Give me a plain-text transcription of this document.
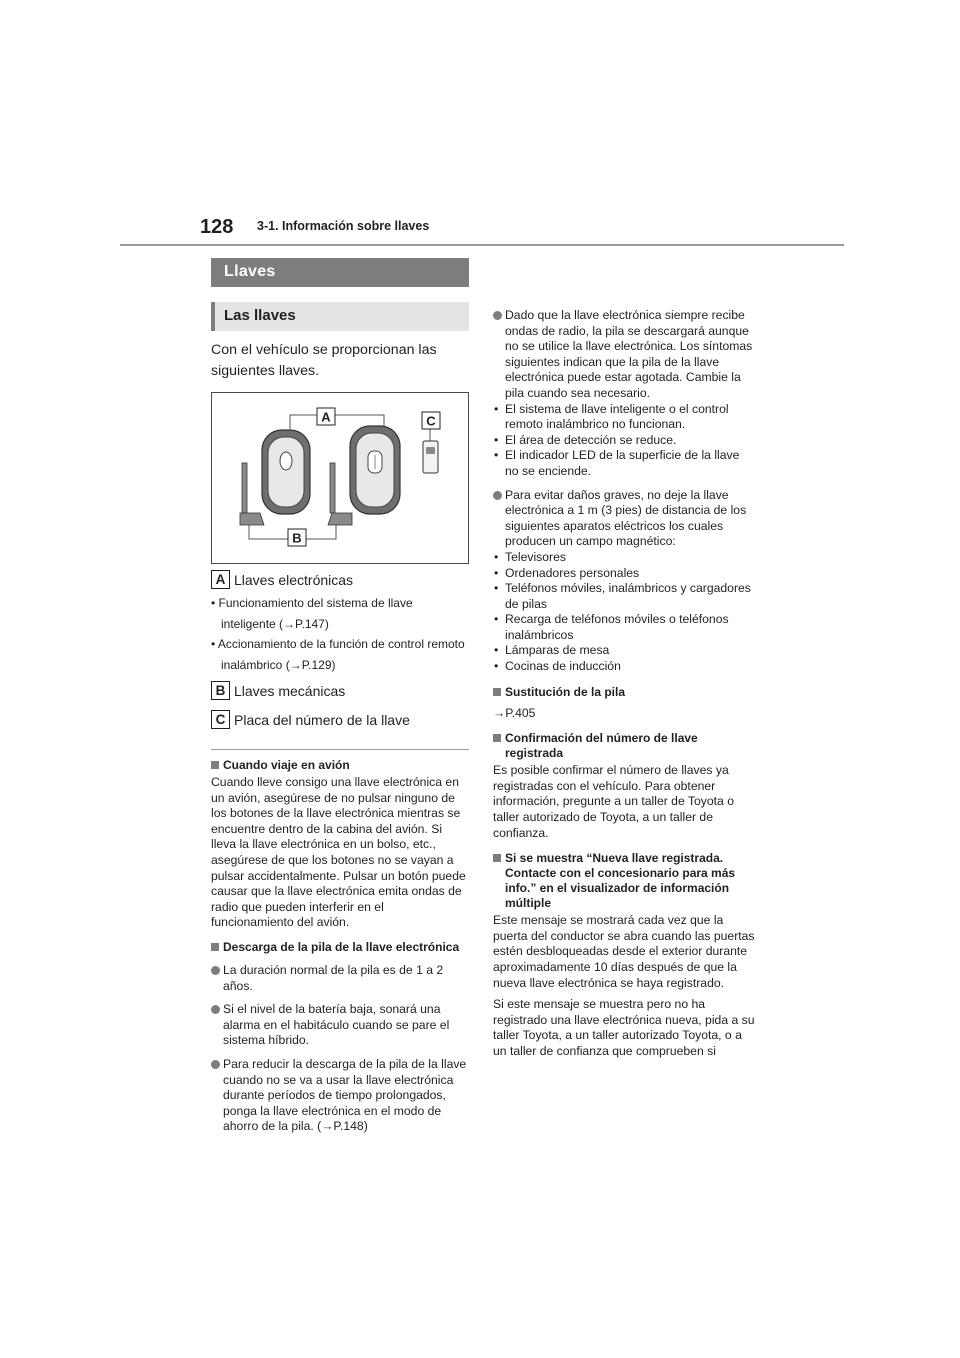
128 3-1. Información sobre llaves
Llaves
Las llaves

Con el vehículo se proporcionan las siguientes llaves.

A	C
B
A Llaves electrónicas
• Funcionamiento del sistema de llave inteligente (→P.147)
• Accionamiento de la función de control remoto inalámbrico (→P.129)
B Llaves mecánicas
C Placa del número de la llave
Cuando viaje en avión

Cuando lleve consigo una llave electrónica en un avión, asegúrese de no pulsar ninguno de los botones de la llave electrónica mientras se encuentre dentro de la cabina del avión. Si lleva la llave electrónica en un bolso, etc., asegúrese de que los botones no se vayan a pulsar accidentalmente. Pulsar un botón puede causar que la llave electrónica emita ondas de radio que pueden interferir en el funcionamiento del avión.

Descarga de la pila de la llave electrónica
La duración normal de la pila es de 1 a 2 años.
Si el nivel de la batería baja, sonará una alarma en el habitáculo cuando se pare el sistema híbrido.
Para reducir la descarga de la pila de la llave cuando no se va a usar la llave electrónica durante períodos de tiempo prolongados, ponga la llave electrónica en el modo de ahorro de la pila. (→P.148)
Dado que la llave electrónica siempre recibe ondas de radio, la pila se descargará aunque no se utilice la llave electrónica. Los síntomas siguientes indican que la pila de la llave electrónica puede estar agotada. Cambie la pila cuando sea necesario.
• El sistema de llave inteligente o el control remoto inalámbrico no funcionan.
• El área de detección se reduce.
• El indicador LED de la superficie de la llave no se enciende.
Para evitar daños graves, no deje la llave electrónica a 1 m (3 pies) de distancia de los siguientes aparatos eléctricos los cuales producen un campo magnético:
• Televisores
• Ordenadores personales
• Teléfonos móviles, inalámbricos y cargadores de pilas
• Recarga de teléfonos móviles o teléfonos inalámbricos
• Lámparas de mesa
• Cocinas de inducción
Sustitución de la pila

→P.405

Confirmación del número de llave registrada

Es posible confirmar el número de llaves ya registradas con el vehículo. Para obtener información, pregunte a un taller de Toyota o taller autorizado de Toyota, a un taller de confianza.

Si se muestra “Nueva llave registrada. Contacte con el concesionario para más info.” en el visualizador de información múltiple

Este mensaje se mostrará cada vez que la puerta del conductor se abra cuando las puertas estén desbloqueadas desde el exterior durante aproximadamente 10 días después de que la nueva llave electrónica se haya registrado.

Si este mensaje se muestra pero no ha registrado una llave electrónica nueva, pida a su taller Toyota, a un taller autorizado Toyota, o a un taller de confianza que comprueben si
